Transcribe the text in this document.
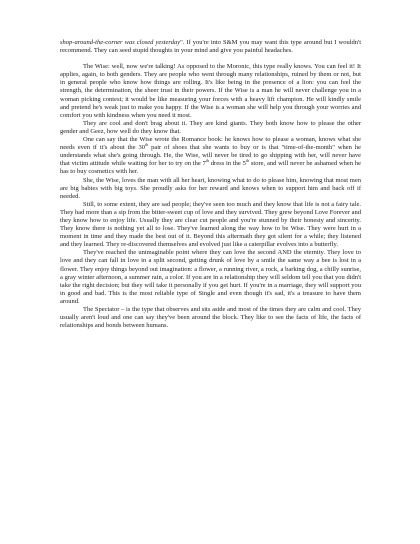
shop-around-the-corner was closed yesterday". If you're into S&M you may want this type around but I wouldn't recommend. They can seed stupid thoughts in your mind and give you painful headaches.

The Wise: well, now we're talking! As opposed to the Moronic, this type really knows. You can feel it! It applies, again, to both genders. They are people who went through many relationships, ruined by them or not, but in general people who know how things are rolling. It's like being in the presence of a lion: you can feel the strength, the determination, the sheer trust in their powers. If the Wise is a man he will never challenge you in a woman picking contest; it would be like measuring your forces with a heavy lift champion. He will kindly smile and pretend he's weak just to make you happy. If the Wise is a woman she will help you through your worries and comfort you with kindness when you need it most.

They are cool and don't brag about it. They are kind giants. They both know how to please the other gender and Geez, how well do they know that.

One can say that the Wise wrote the Romance book: he knows how to please a woman, knows what she needs even if it's about the 30th pair of shoes that she wants to buy or is that "time-of-the-month" when he understands what she's going through. He, the Wise, will never be tired to go shipping with her, will never have that victim attitude while waiting for her to try on the 7th dress in the 5th store, and will never be ashamed when he has to buy cosmetics with her.

She, the Wise, loves the man with all her heart, knowing what to do to please him, knowing that most men are big babies with big toys. She proudly asks for her reward and knows when to support him and back off if needed.

Still, to some extent, they are sad people; they've seen too much and they know that life is not a fairy tale. They had more than a sip from the bitter-sweet cup of love and they survived. They grew beyond Love Forever and they know how to enjoy life. Usually they are clear cut people and you're stunned by their honesty and sincerity. They know there is nothing yet all to lose. They've learned along the way how to be Wise. They were hurt in a moment in time and they made the best out of it. Beyond this aftermath they got silent for a while; they listened and they learned. They re-discovered themselves and evolved just like a caterpillar evolves into a butterfly.

They've reached the unimaginable point where they can love the second AND the eternity. They love to love and they can fall in love in a split second, getting drunk of love by a smile the same way a bee is lost in a flower. They enjoy things beyond out imagination: a flower, a running river, a rock, a barking dog, a chilly sunrise, a gray winter afternoon, a summer rain, a color. If you are in a relationship they will seldom tell you that you didn't take the right decision; but they will take it personally if you get hurt. If you're in a marriage, they will support you in good and bad. This is the most reliable type of Single and even though it's sad, it's a treasure to have them around.

The Spectator – is the type that observes and sits aside and most of the times they are calm and cool. They usually aren't loud and one can say they've been around the block. They like to see the facts of life, the facts of relationships and bonds between humans.
